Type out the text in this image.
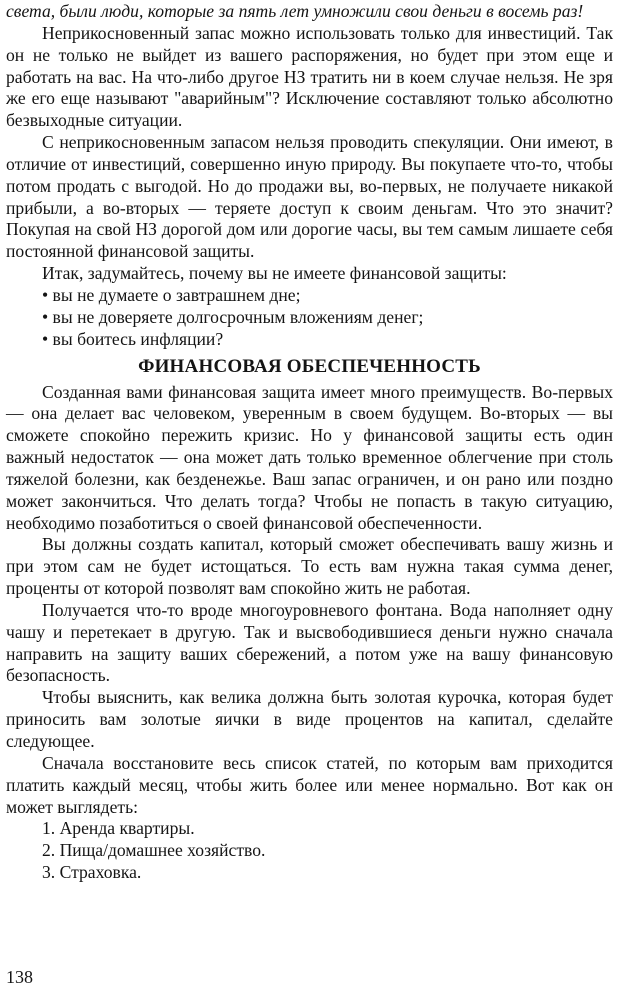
света, были люди, которые за пять лет умножили свои деньги в восемь раз!

Неприкосновенный запас можно использовать только для инвестиций. Так он не только не выйдет из вашего распоряжения, но будет при этом еще и работать на вас. На что-либо другое НЗ тратить ни в коем случае нельзя. Не зря же его еще называют "аварийным"? Исключение составляют только абсолютно безвыходные ситуации.

С неприкосновенным запасом нельзя проводить спекуляции. Они имеют, в отличие от инвестиций, совершенно иную природу. Вы покупаете что-то, чтобы потом продать с выгодой. Но до продажи вы, во-первых, не получаете никакой прибыли, а во-вторых — теряете доступ к своим деньгам. Что это значит? Покупая на свой НЗ дорогой дом или дорогие часы, вы тем самым лишаете себя постоянной финансовой защиты.

Итак, задумайтесь, почему вы не имеете финансовой защиты:

• вы не думаете о завтрашнем дне;

• вы не доверяете долгосрочным вложениям денег;

• вы боитесь инфляции?

ФИНАНСОВАЯ ОБЕСПЕЧЕННОСТЬ

Созданная вами финансовая защита имеет много преимуществ. Во-первых — она делает вас человеком, уверенным в своем будущем. Во-вторых — вы сможете спокойно пережить кризис. Но у финансовой защиты есть один важный недостаток — она может дать только временное облегчение при столь тяжелой болезни, как безденежье. Ваш запас ограничен, и он рано или поздно может закончиться. Что делать тогда? Чтобы не попасть в такую ситуацию, необходимо позаботиться о своей финансовой обеспеченности.

Вы должны создать капитал, который сможет обеспечивать вашу жизнь и при этом сам не будет истощаться. То есть вам нужна такая сумма денег, проценты от которой позволят вам спокойно жить не работая.

Получается что-то вроде многоуровневого фонтана. Вода наполняет одну чашу и перетекает в другую. Так и высвободившиеся деньги нужно сначала направить на защиту ваших сбережений, а потом уже на вашу финансовую безопасность.

Чтобы выяснить, как велика должна быть золотая курочка, которая будет приносить вам золотые яички в виде процентов на капитал, сделайте следующее.

Сначала восстановите весь список статей, по которым вам приходится платить каждый месяц, чтобы жить более или менее нормально. Вот как он может выглядеть:

1. Аренда квартиры.

2. Пища/домашнее хозяйство.

3. Страховка.

138
